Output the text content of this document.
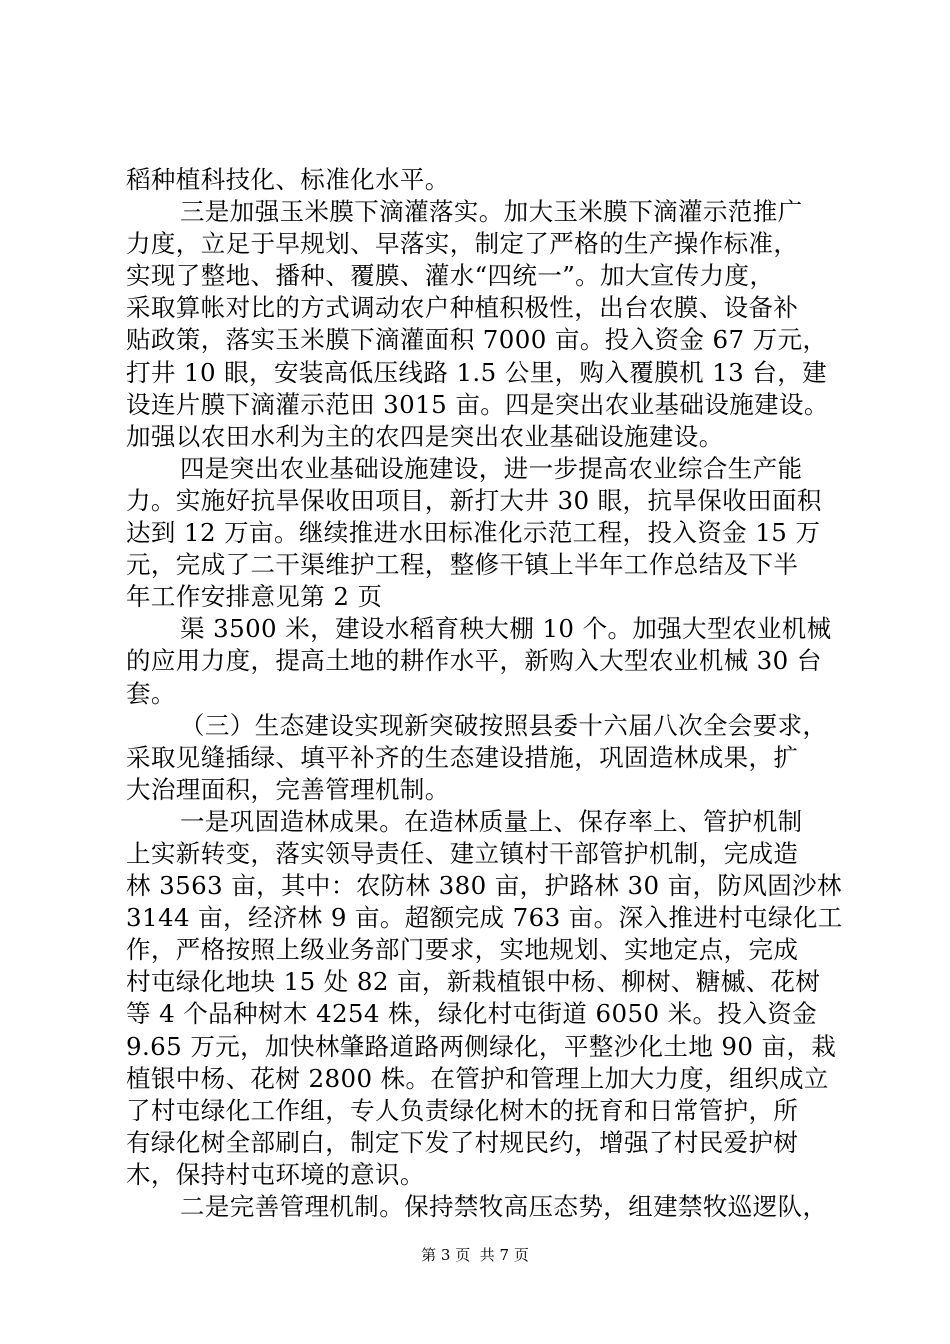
稻种植科技化、标准化水平。
三是加强玉米膜下滴灌落实。加大玉米膜下滴灌示范推广
力度，立足于早规划、早落实，制定了严格的生产操作标准，
实现了整地、播种、覆膜、灌水“四统一”。加大宣传力度，
采取算帐对比的方式调动农户种植积极性，出台农膜、设备补
贴政策，落实玉米膜下滴灌面积 7000 亩。投入资金 67 万元，
打井 10 眼，安装高低压线路 1.5 公里，购入覆膜机 13 台，建
设连片膜下滴灌示范田 3015 亩。四是突出农业基础设施建设。
加强以农田水利为主的农四是突出农业基础设施建设。
四是突出农业基础设施建设，进一步提高农业综合生产能
力。实施好抗旱保收田项目，新打大井 30 眼，抗旱保收田面积
达到 12 万亩。继续推进水田标准化示范工程，投入资金 15 万
元，完成了二干渠维护工程，整修干镇上半年工作总结及下半
年工作安排意见第 2 页
渠 3500 米，建设水稻育秧大棚 10 个。加强大型农业机械
的应用力度，提高土地的耕作水平，新购入大型农业机械 30 台
套。
（三）生态建设实现新突破按照县委十六届八次全会要求，
采取见缝插绿、填平补齐的生态建设措施，巩固造林成果，扩
大治理面积，完善管理机制。
一是巩固造林成果。在造林质量上、保存率上、管护机制
上实新转变，落实领导责任、建立镇村干部管护机制，完成造
林 3563 亩，其中：农防林 380 亩，护路林 30 亩，防风固沙林
3144 亩，经济林 9 亩。超额完成 763 亩。深入推进村屯绿化工
作，严格按照上级业务部门要求，实地规划、实地定点，完成
村屯绿化地块 15 处 82 亩，新栽植银中杨、柳树、糖槭、花树
等 4 个品种树木 4254 株，绿化村屯街道 6050 米。投入资金
9.65 万元，加快林肇路道路两侧绿化，平整沙化土地 90 亩，栽
植银中杨、花树 2800 株。在管护和管理上加大力度，组织成立
了村屯绿化工作组，专人负责绿化树木的抚育和日常管护，所
有绿化树全部刷白，制定下发了村规民约，增强了村民爱护树
木，保持村屯环境的意识。
二是完善管理机制。保持禁牧高压态势，组建禁牧巡逻队，
第 3 页  共 7 页
